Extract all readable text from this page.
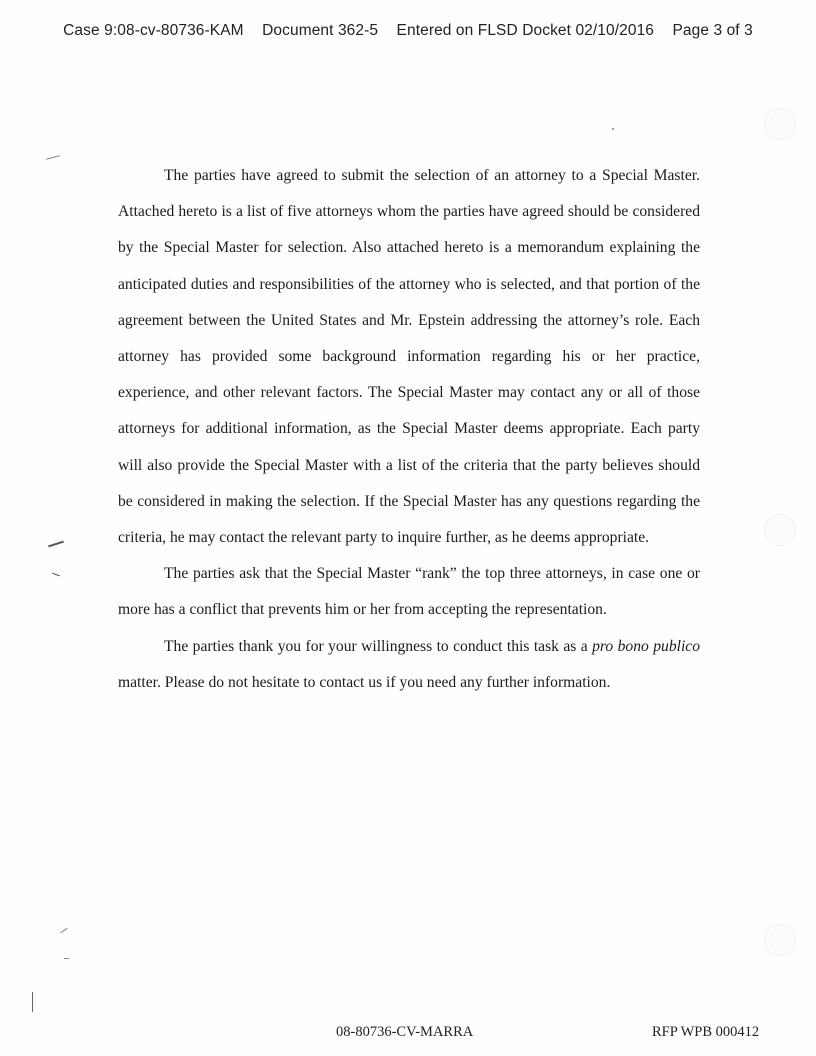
Case 9:08-cv-80736-KAM Document 362-5 Entered on FLSD Docket 02/10/2016 Page 3 of 3

The parties have agreed to submit the selection of an attorney to a Special Master. Attached hereto is a list of five attorneys whom the parties have agreed should be considered by the Special Master for selection. Also attached hereto is a memorandum explaining the anticipated duties and responsibilities of the attorney who is selected, and that portion of the agreement between the United States and Mr. Epstein addressing the attorney’s role. Each attorney has provided some background information regarding his or her practice, experience, and other relevant factors. The Special Master may contact any or all of those attorneys for additional information, as the Special Master deems appropriate. Each party will also provide the Special Master with a list of the criteria that the party believes should be considered in making the selection. If the Special Master has any questions regarding the criteria, he may contact the relevant party to inquire further, as he deems appropriate.

The parties ask that the Special Master “rank” the top three attorneys, in case one or more has a conflict that prevents him or her from accepting the representation.

The parties thank you for your willingness to conduct this task as a pro bono publico matter. Please do not hesitate to contact us if you need any further information.

08-80736-CV-MARRA	RFP WPB 000412
